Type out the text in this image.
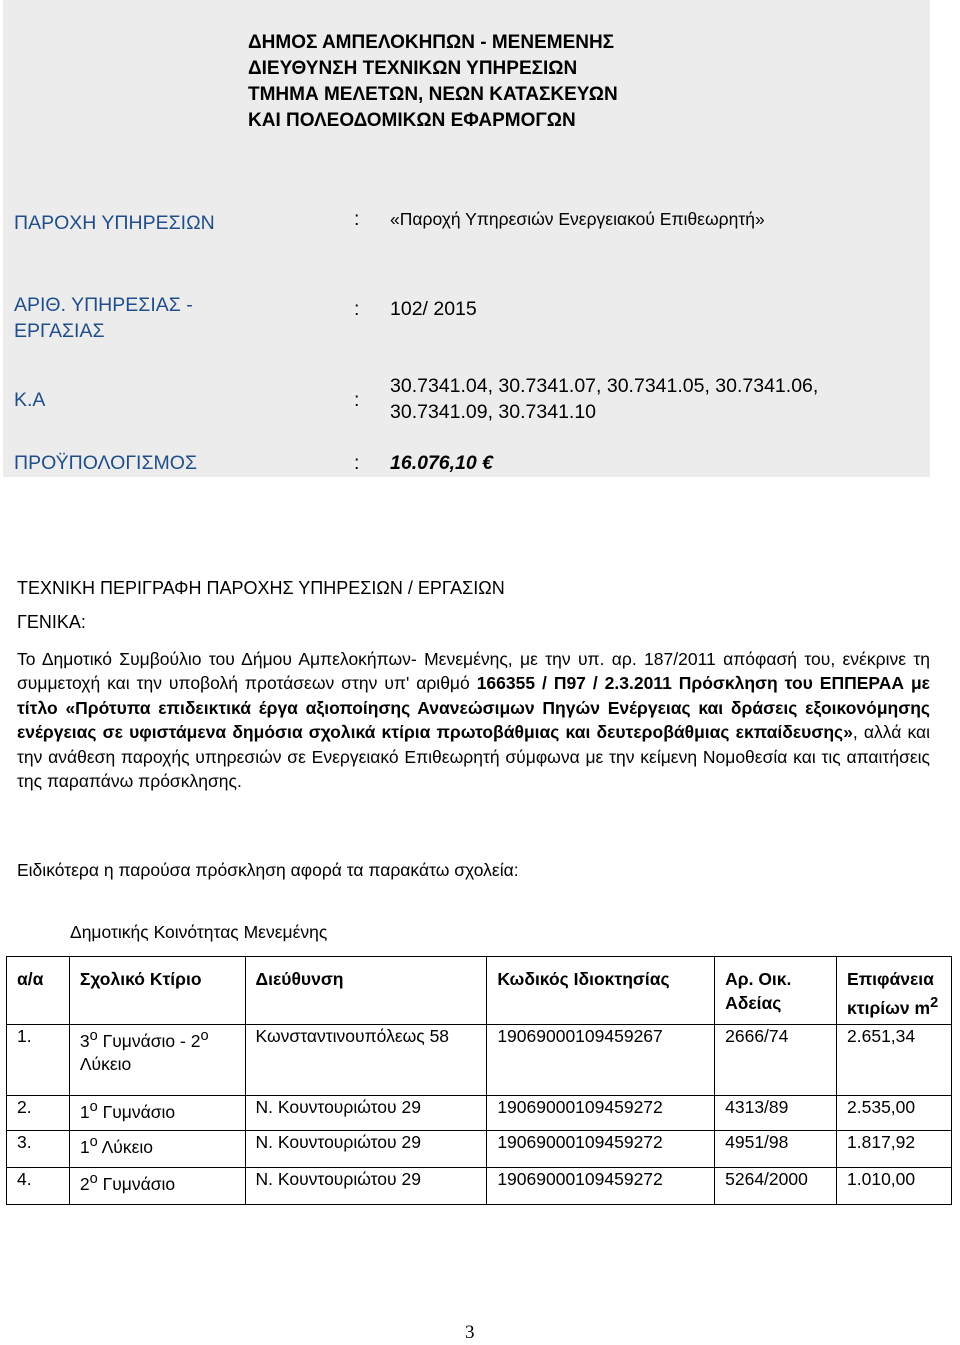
ΔΗΜΟΣ ΑΜΠΕΛΟΚΗΠΩΝ - ΜΕΝΕΜΕΝΗΣ
ΔΙΕΥΘΥΝΣΗ ΤΕΧΝΙΚΩΝ ΥΠΗΡΕΣΙΩΝ
ΤΜΗΜΑ ΜΕΛΕΤΩΝ, ΝΕΩΝ ΚΑΤΑΣΚΕΥΩΝ
ΚΑΙ ΠΟΛΕΟΔΟΜΙΚΩΝ ΕΦΑΡΜΟΓΩΝ
ΠΑΡΟΧΗ ΥΠΗΡΕΣΙΩΝ	: «Παροχή Υπηρεσιών Ενεργειακού Επιθεωρητή»
ΑΡΙΘ. ΥΠΗΡΕΣΙΑΣ -
ΕΡΓΑΣΙΑΣ
: 102/ 2015
Κ.Α	:
30.7341.04, 30.7341.07, 30.7341.05, 30.7341.06,
30.7341.09, 30.7341.10
ΠΡΟΫΠΟΛΟΓΙΣΜΟΣ	: 16.076,10 €
ΤΕΧΝΙΚΗ ΠΕΡΙΓΡΑΦΗ ΠΑΡΟΧΗΣ ΥΠΗΡΕΣΙΩΝ / ΕΡΓΑΣΙΩΝ
ΓΕΝΙΚΑ:
Το Δημοτικό Συμβούλιο του Δήμου Αμπελοκήπων- Μενεμένης, με την υπ. αρ. 187/2011 απόφασή του, ενέκρινε τη συμμετοχή και την υποβολή προτάσεων στην υπ' αριθμό 166355 / Π97 / 2.3.2011 Πρόσκληση του ΕΠΠΕΡΑΑ με τίτλο «Πρότυπα επιδεικτικά έργα αξιοποίησης Ανανεώσιμων Πηγών Ενέργειας και δράσεις εξοικονόμησης ενέργειας σε υφιστάμενα δημόσια σχολικά κτίρια πρωτοβάθμιας και δευτεροβάθμιας εκπαίδευσης», αλλά και την ανάθεση παροχής υπηρεσιών σε Ενεργειακό Επιθεωρητή σύμφωνα με την κείμενη Νομοθεσία και τις απαιτήσεις της παραπάνω πρόσκλησης.
Ειδικότερα η παρούσα πρόσκληση αφορά τα παρακάτω σχολεία:
Δημοτικής Κοινότητας Μενεμένης
α/α	Σχολικό Κτίριο	Διεύθυνση	Κωδικός Ιδιοκτησίας	Αρ. Οικ. Αδείας	Επιφάνεια κτιρίων $m^2$
1.	$3^o$ Γυμνάσιο - $2^o$ Λύκειο	Κωνσταντινουπόλεως 58	19069000109459267	2666/74	2.651,34
2.	$1^o$ Γυμνάσιο	Ν. Κουντουριώτου 29	19069000109459272	4313/89	2.535,00
3.	$1^o$ Λύκειο	Ν. Κουντουριώτου 29	19069000109459272	4951/98	1.817,92
4.	$2^o$ Γυμνάσιο	Ν. Κουντουριώτου 29	19069000109459272	5264/2000	1.010,00
3
